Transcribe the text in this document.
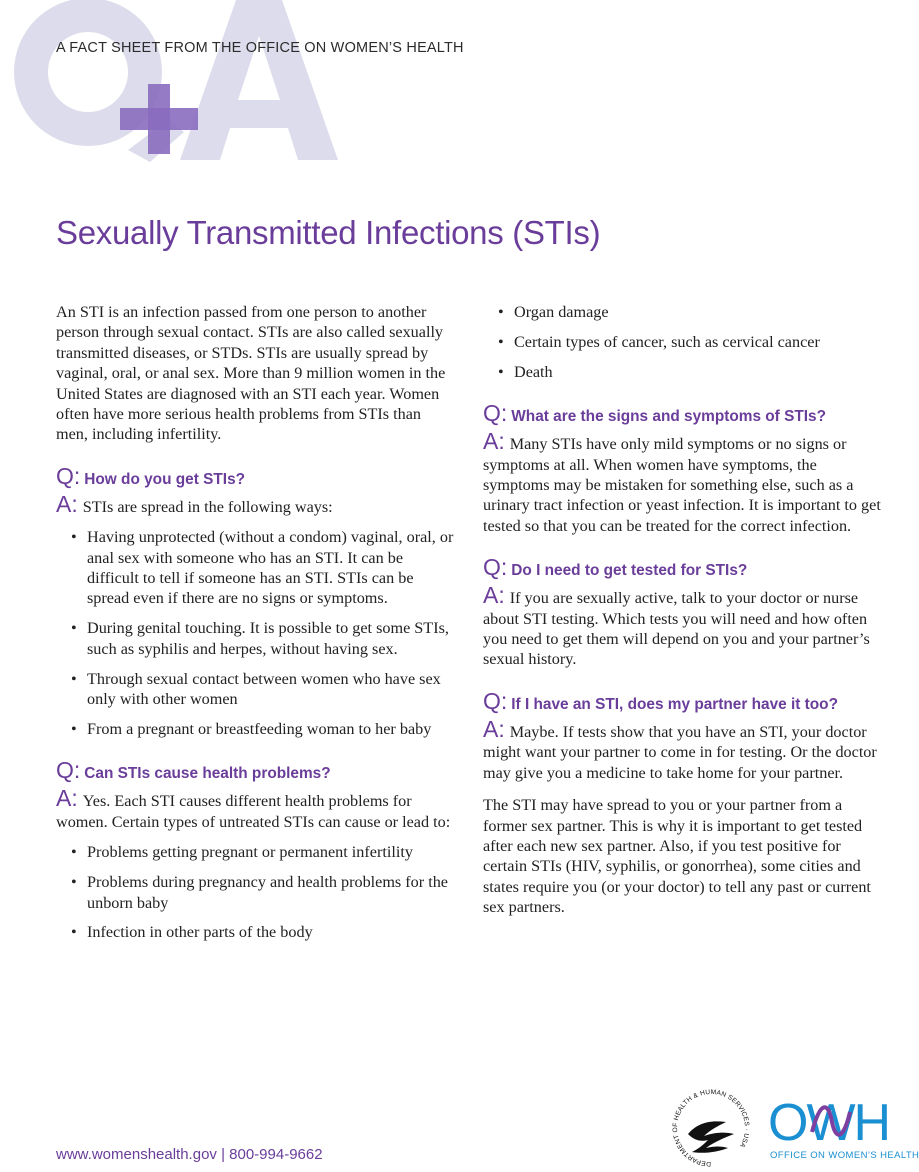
A FACT SHEET FROM THE OFFICE ON WOMEN’S HEALTH
Sexually Transmitted Infections (STIs)

An STI is an infection passed from one person to another person through sexual contact. STIs are also called sexually transmitted diseases, or STDs. STIs are usually spread by vaginal, oral, or anal sex. More than 9 million women in the United States are diagnosed with an STI each year. Women often have more serious health problems from STIs than men, including infertility.

Q: How do you get STIs?

A: STIs are spread in the following ways:

• Having unprotected (without a condom) vaginal, oral, or anal sex with someone who has an STI. It can be difficult to tell if someone has an STI. STIs can be spread even if there are no signs or symptoms.
• During genital touching. It is possible to get some STIs, such as syphilis and herpes, without having sex.
• Through sexual contact between women who have sex only with other women
• From a pregnant or breastfeeding woman to her baby
Q: Can STIs cause health problems?

A: Yes. Each STI causes different health problems for women. Certain types of untreated STIs can cause or lead to:

• Problems getting pregnant or permanent infertility
• Problems during pregnancy and health problems for the unborn baby
• Infection in other parts of the body
• Organ damage
• Certain types of cancer, such as cervical cancer
• Death
Q: What are the signs and symptoms of STIs?

A: Many STIs have only mild symptoms or no signs or symptoms at all. When women have symptoms, the symptoms may be mistaken for something else, such as a urinary tract infection or yeast infection. It is important to get tested so that you can be treated for the correct infection.

Q: Do I need to get tested for STIs?

A: If you are sexually active, talk to your doctor or nurse about STI testing. Which tests you will need and how often you need to get them will depend on you and your partner’s sexual history.

Q: If I have an STI, does my partner have it too?

A: Maybe. If tests show that you have an STI, your doctor might want your partner to come in for testing. Or the doctor may give you a medicine to take home for your partner.

The STI may have spread to you or your partner from a former sex partner. This is why it is important to get tested after each new sex partner. Also, if you test positive for certain STIs (HIV, syphilis, or gonorrhea), some cities and states require you (or your doctor) to tell any past or current sex partners.

www.womenshealth.gov | 800-994-9662
DEPARTMENT OF HEALTH & HUMAN SERVICES · USA OWH
OFFICE ON WOMEN’S HEALTH
